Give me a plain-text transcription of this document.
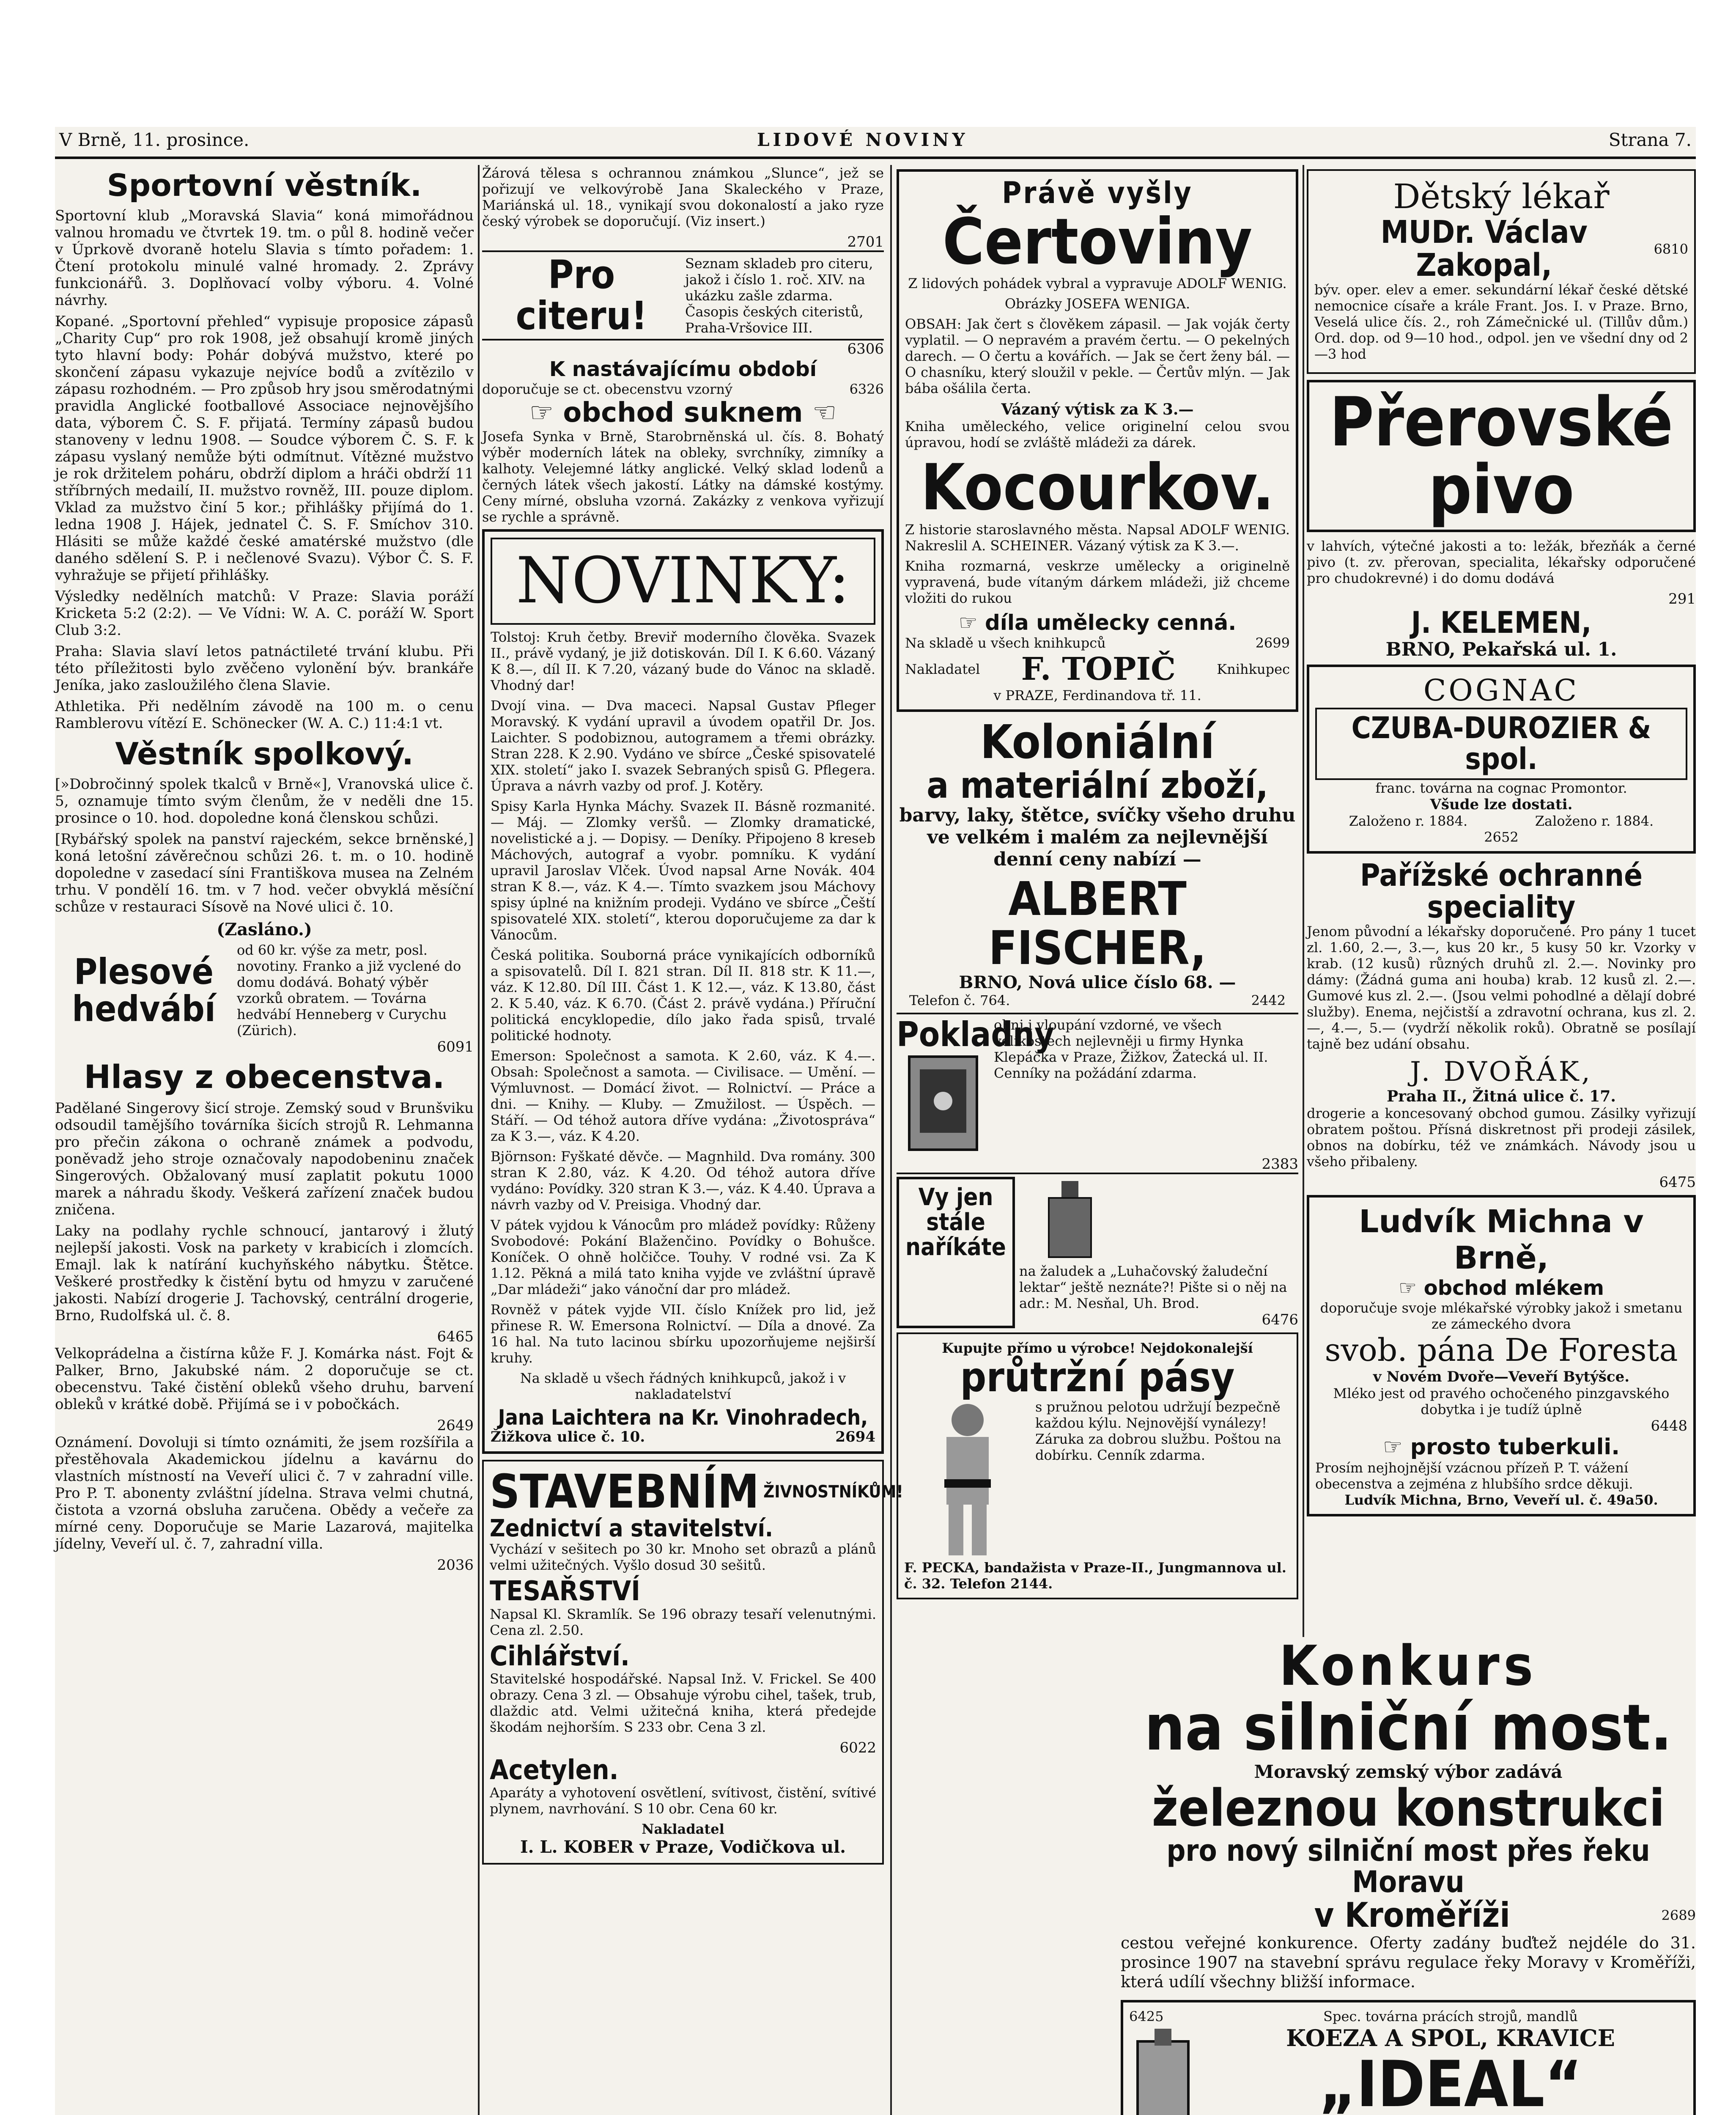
V Brně, 11. prosince.	LIDOVÉ NOVINY	Strana 7.
Sportovní věstník.

Sportovní klub „Moravská Slavia“ koná mimořádnou valnou hromadu ve čtvrtek 19. tm. o půl 8. hodině večer v Úprkově dvoraně hotelu Slavia s tímto pořadem: 1. Čtení protokolu minulé valné hromady. 2. Zprávy funkcionářů. 3. Doplňovací volby výboru. 4. Volné návrhy.

Kopané. „Sportovní přehled“ vypisuje proposice zápasů „Charity Cup“ pro rok 1908, jež obsahují kromě jiných tyto hlavní body: Pohár dobývá mužstvo, které po skončení zápasu vykazuje nejvíce bodů a zvítězilo v zápasu rozhodném. — Pro způsob hry jsou směrodatnými pravidla Anglické footballové Associace nejnovějšího data, výborem Č. S. F. přijatá. Termíny zápasů budou stanoveny v lednu 1908. — Soudce výborem Č. S. F. k zápasu vyslaný nemůže býti odmítnut. Vítězné mužstvo je rok držitelem poháru, obdrží diplom a hráči obdrží 11 stříbrných medailí, II. mužstvo rovněž, III. pouze diplom. Vklad za mužstvo činí 5 kor.; přihlášky přijímá do 1. ledna 1908 J. Hájek, jednatel Č. S. F. Smíchov 310. Hlásiti se může každé české amatérské mužstvo (dle daného sdělení S. P. i nečlenové Svazu). Výbor Č. S. F. vyhražuje se přijetí přihlášky.

Výsledky nedělních matchů: V Praze: Slavia poráží Kricketa 5:2 (2:2). — Ve Vídni: W. A. C. poráží W. Sport Club 3:2.

Praha: Slavia slaví letos patnáctileté trvání klubu. Při této příležitosti bylo zvěčeno vylonění býv. brankáře Jeníka, jako zasloužilého člena Slavie.

Athletika. Při nedělním závodě na 100 m. o cenu Ramblerovu vítězí E. Schönecker (W. A. C.) 11:4:1 vt.

Věstník spolkový.

[»Dobročinný spolek tkalců v Brně«], Vranovská ulice č. 5, oznamuje tímto svým členům, že v neděli dne 15. prosince o 10. hod. dopoledne koná členskou schůzi.

[Rybářský spolek na panství rajeckém, sekce brněnské,] koná letošní závěrečnou schůzi 26. t. m. o 10. hodině dopoledne v zasedací síni Františkova musea na Zelném trhu. V pondělí 16. tm. v 7 hod. večer obvyklá měsíční schůze v restauraci Sísově na Nové ulici č. 10.

(Zasláno.)
Plesové hedvábí
od 60 kr. výše za metr, posl. novotiny. Franko a již vyclené do domu dodává. Bohatý výběr vzorků obratem. — Továrna hedvábí Henneberg v Curychu (Zürich).
6091
Hlasy z obecenstva.

Padělané Singerovy šicí stroje. Zemský soud v Brunšviku odsoudil tamějšího továrníka šicích strojů R. Lehmanna pro přečin zákona o ochraně známek a podvodu, poněvadž jeho stroje označovaly napodobeninu značek Singerových. Obžalovaný musí zaplatit pokutu 1000 marek a náhradu škody. Veškerá zařízení značek budou zničena.

Laky na podlahy rychle schnoucí, jantarový i žlutý nejlepší jakosti. Vosk na parkety v krabicích i zlomcích. Emajl. lak k natírání kuchyňského nábytku. Štětce. Veškeré prostředky k čistění bytu od hmyzu v zaručené jakosti. Nabízí drogerie J. Tachovský, centrální drogerie, Brno, Rudolfská ul. č. 8.

6465

Velkoprádelna a čistírna kůže F. J. Komárka nást. Fojt & Palker, Brno, Jakubské nám. 2 doporučuje se ct. obecenstvu. Také čistění obleků všeho druhu, barvení obleků v krátké době. Přijímá se i v pobočkách.

2649

Oznámení. Dovoluji si tímto oznámiti, že jsem rozšířila a přestěhovala Akademickou jídelnu a kavárnu do vlastních místností na Veveří ulici č. 7 v zahradní ville. Pro P. T. abonenty zvláštní jídelna. Strava velmi chutná, čistota a vzorná obsluha zaručena. Obědy a večeře za mírné ceny. Doporučuje se Marie Lazarová, majitelka jídelny, Veveří ul. č. 7, zahradní villa.

2036

Žárová tělesa s ochrannou známkou „Slunce“, jež se pořizují ve velkovýrobě Jana Skaleckého v Praze, Mariánská ul. 18., vynikají svou dokonalostí a jako ryze český výrobek se doporučují. (Viz insert.)

2701
Pro citeru!
Seznam skladeb pro citeru, jakož i číslo 1. roč. XIV. na ukázku zašle zdarma. Časopis českých citeristů, Praha-Vršovice III.
6306
K nastávajícímu období
doporučuje se ct. obecenstvu vzorný	6326
☞ obchod suknem ☜

Josefa Synka v Brně, Starobrněnská ul. čís. 8. Bohatý výběr moderních látek na obleky, svrchníky, zimníky a kalhoty. Velejemné látky anglické. Velký sklad lodenů a černých látek všech jakostí. Látky na dámské kostýmy. Ceny mírné, obsluha vzorná. Zakázky z venkova vyřizují se rychle a správně.

NOVINKY:

Tolstoj: Kruh četby. Breviř moderního člověka. Svazek II., právě vydaný, je již dotiskován. Díl I. K 6.60. Vázaný K 8.—, díl II. K 7.20, vázaný bude do Vánoc na skladě. Vhodný dar!

Dvojí vina. — Dva maceci. Napsal Gustav Pfleger Moravský. K vydání upravil a úvodem opatřil Dr. Jos. Laichter. S podobiznou, autogramem a třemi obrázky. Stran 228. K 2.90. Vydáno ve sbírce „České spisovatelé XIX. století“ jako I. svazek Sebraných spisů G. Pflegera. Úprava a návrh vazby od prof. J. Kotěry.

Spisy Karla Hynka Máchy. Svazek II. Básně rozmanité. — Máj. — Zlomky veršů. — Zlomky dramatické, novelistické a j. — Dopisy. — Deníky. Připojeno 8 kreseb Máchových, autograf a vyobr. pomníku. K vydání upravil Jaroslav Vlček. Úvod napsal Arne Novák. 404 stran K 8.—, váz. K 4.—. Tímto svazkem jsou Máchovy spisy úplné na knižním prodeji. Vydáno ve sbírce „Čeští spisovatelé XIX. století“, kterou doporučujeme za dar k Vánocům.

Česká politika. Souborná práce vynikajících odborníků a spisovatelů. Díl I. 821 stran. Díl II. 818 str. K 11.—, váz. K 12.80. Díl III. Část 1. K 12.—, váz. K 13.80, část 2. K 5.40, váz. K 6.70. (Část 2. právě vydána.) Příruční politická encyklopedie, dílo jako řada spisů, trvalé politické hodnoty.

Emerson: Společnost a samota. K 2.60, váz. K 4.—. Obsah: Společnost a samota. — Civilisace. — Umění. — Výmluvnost. — Domácí život. — Rolnictví. — Práce a dni. — Knihy. — Kluby. — Zmužilost. — Úspěch. — Stáří. — Od téhož autora dříve vydána: „Životospráva“ za K 3.—, váz. K 4.20.

Björnson: Fyškaté děvče. — Magnhild. Dva romány. 300 stran K 2.80, váz. K 4.20. Od téhož autora dříve vydáno: Povídky. 320 stran K 3.—, váz. K 4.40. Úprava a návrh vazby od V. Preisiga. Vhodný dar.

V pátek vyjdou k Vánocům pro mládež povídky: Růženy Svobodové: Pokání Blaženčino. Povídky o Bohušce. Koníček. O ohně holčičce. Touhy. V rodné vsi. Za K 1.12. Pěkná a milá tato kniha vyjde ve zvláštní úpravě „Dar mládeži“ jako vánoční dar pro mládež.

Rovněž v pátek vyjde VII. číslo Knížek pro lid, jež přinese R. W. Emersona Rolnictví. — Díla a dnové. Za 16 hal. Na tuto lacinou sbírku upozorňujeme nejširší kruhy.

Na skladě u všech řádných knihkupců, jakož i v nakladatelství

Jana Laichtera na Kr. Vinohradech,
Žižkova ulice č. 10.	2694
STAVEBNÍM ŽIVNOSTNÍKŮM!
Zednictví a stavitelství.

Vychází v sešitech po 30 kr. Mnoho set obrazů a plánů velmi užitečných. Vyšlo dosud 30 sešitů.

TESAŘSTVÍ

Napsal Kl. Skramlík. Se 196 obrazy tesaří velenutnými. Cena zl. 2.50.

Cihlářství.

Stavitelské hospodářské. Napsal Inž. V. Frickel. Se 400 obrazy. Cena 3 zl. — Obsahuje výrobu cihel, tašek, trub, dlaždic atd. Velmi užitečná kniha, která předejde škodám nejhorším. S 233 obr. Cena 3 zl.

6022
Acetylen.

Aparáty a vyhotovení osvětlení, svítivost, čistění, svítivé plynem, navrhování. S 10 obr. Cena 60 kr.

Nakladatel
I. L. KOBER v Praze, Vodičkova ul.
Právě vyšly
Čertoviny

Z lidových pohádek vybral a vypravuje ADOLF WENIG.

Obrázky JOSEFA WENIGA.

OBSAH: Jak čert s člověkem zápasil. — Jak voják čerty vyplatil. — O nepravém a pravém čertu. — O pekelných darech. — O čertu a kovářích. — Jak se čert ženy bál. — O chasníku, který sloužil v pekle. — Čertův mlýn. — Jak bába ošálila čerta.

Vázaný výtisk za K 3.—

Kniha uměleckého, velice originelní celou svou úpravou, hodí se zvláště mládeži za dárek.

Kocourkov.

Z historie staroslavného města. Napsal ADOLF WENIG. Nakreslil A. SCHEINER. Vázaný výtisk za K 3.—.

Kniha rozmarná, veskrze umělecky a originelně vypravená, bude vítaným dárkem mládeži, již chceme vložiti do rukou

☞ díla umělecky cenná.
Na skladě u všech knihkupců	2699
Nakladatel F. TOPIČ	Knihkupec
v PRAZE, Ferdinandova tř. 11.
Koloniální
a materiální zboží,

barvy, laky, štětce, svíčky všeho druhu ve velkém i malém za nejlevnější denní ceny nabízí —

ALBERT FISCHER,
BRNO, Nová ulice číslo 68. —
Telefon č. 764.	2442
Pokladny
ohni i vloupání vzdorné, ve všech velikostech nejlevněji u firmy Hynka Klepáčka v Praze, Žižkov, Žatecká ul. II. Cenníky na požádání zdarma.
2383
Vy jen stále naříkáte
na žaludek a „Luhačovský žaludeční lektar“ ještě neznáte?! Pište si o něj na adr.: M. Nesňal, Uh. Brod.
6476
Kupujte přímo u výrobce! Nejdokonalejší
průtržní pásy
s pružnou pelotou udržují bezpečně každou kýlu. Nejnovější vynálezy! Záruka za dobrou službu. Poštou na dobírku. Cenník zdarma.
F. PECKA, bandažista v Praze-II., Jungmannova ul. č. 32. Telefon 2144.
Dětský lékař
MUDr. Václav Zakopal,	6810

býv. oper. elev a emer. sekundární lékař české dětské nemocnice císaře a krále Frant. Jos. I. v Praze. Brno, Veselá ulice čís. 2., roh Zámečnické ul. (Tillův dům.) Ord. dop. od 9—10 hod., odpol. jen ve všední dny od 2—3 hod

Přerovské pivo

v lahvích, výtečné jakosti a to: ležák, březňák a černé pivo (t. zv. přerovan, specialita, lékařsky odporučené pro chudokrevné) i do domu dodává

291
J. KELEMEN,
BRNO, Pekařská ul. 1.
COGNAC
CZUBA-DUROZIER & spol.
franc. továrna na cognac Promontor.
Všude lze dostati.
Založeno r. 1884.	Založeno r. 1884.
2652
Pařížské ochranné speciality

Jenom původní a lékařsky doporučené. Pro pány 1 tucet zl. 1.60, 2.—, 3.—, kus 20 kr., 5 kusy 50 kr. Vzorky v krab. (12 kusů) různých druhů zl. 2.—. Novinky pro dámy: (Žádná guma ani houba) krab. 12 kusů zl. 2.—. Gumové kus zl. 2.—. (Jsou velmi pohodlné a dělají dobré služby). Enema, nejčistší a zdravotní ochrana, kus zl. 2.—, 4.—, 5.— (vydrží několik roků). Obratně se posílají tajně bez udání obsahu.

J. DVOŘÁK,
Praha II., Žitná ulice č. 17.

drogerie a koncesovaný obchod gumou. Zásilky vyřizují obratem poštou. Přísná diskretnost při prodeji zásilek, obnos na dobírku, též ve známkách. Návody jsou u všeho přibaleny.

6475
Ludvík Michna v Brně,
☞ obchod mlékem
doporučuje svoje mlékařské výrobky jakož i smetanu ze zámeckého dvora
svob. pána De Foresta
v Novém Dvoře—Veveří Bytýšce.
Mléko jest od pravého ochočeného pinzgavského dobytka i je tudíž úplně
6448
☞ prosto tuberkuli.
Prosím nejhojnější vzácnou přízeň P. T. vážení obecenstva a zejména z hlubšího srdce děkuji.
Ludvík Michna, Brno, Veveří ul. č. 49a50.
Konkurs
na silniční most.
Moravský zemský výbor zadává
železnou konstrukci
pro nový silniční most přes řeku Moravu
v Kroměříži	2689

cestou veřejné konkurence. Oferty zadány buďtež nejdéle do 31. prosince 1907 na stavební správu regulace řeky Moravy v Kroměříži, která udílí všechny bližší informace.

6425	Spec. továrna prácích strojů, mandlů
KOEZA A SPOL, KRAVICE
„IDEAL“
